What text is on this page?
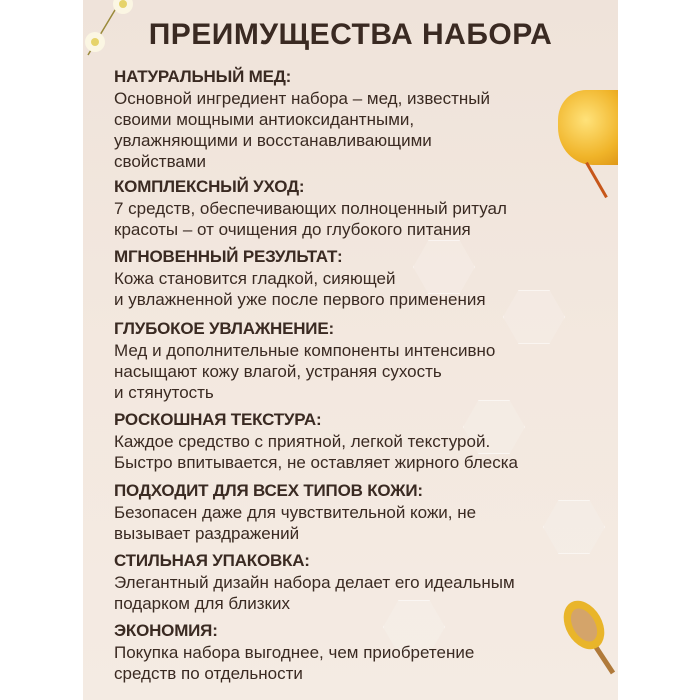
ПРЕИМУЩЕСТВА НАБОРА
НАТУРАЛЬНЫЙ МЕД:
Основной ингредиент набора – мед, известный
своими мощными антиоксидантными,
увлажняющими и восстанавливающими
свойствами
КОМПЛЕКСНЫЙ УХОД:
7 средств, обеспечивающих полноценный ритуал
красоты – от очищения до глубокого питания
МГНОВЕННЫЙ РЕЗУЛЬТАТ:
Кожа становится гладкой, сияющей
и увлажненной уже после первого применения
ГЛУБОКОЕ УВЛАЖНЕНИЕ:
Мед и дополнительные компоненты интенсивно
насыщают кожу влагой, устраняя сухость
и стянутость
РОСКОШНАЯ ТЕКСТУРА:
Каждое средство с приятной, легкой текстурой.
Быстро впитывается, не оставляет жирного блеска
ПОДХОДИТ ДЛЯ ВСЕХ ТИПОВ КОЖИ:
Безопасен даже для чувствительной кожи, не
вызывает раздражений
СТИЛЬНАЯ УПАКОВКА:
Элегантный дизайн набора делает его идеальным
подарком для близких
ЭКОНОМИЯ:
Покупка набора выгоднее, чем приобретение
средств по отдельности
